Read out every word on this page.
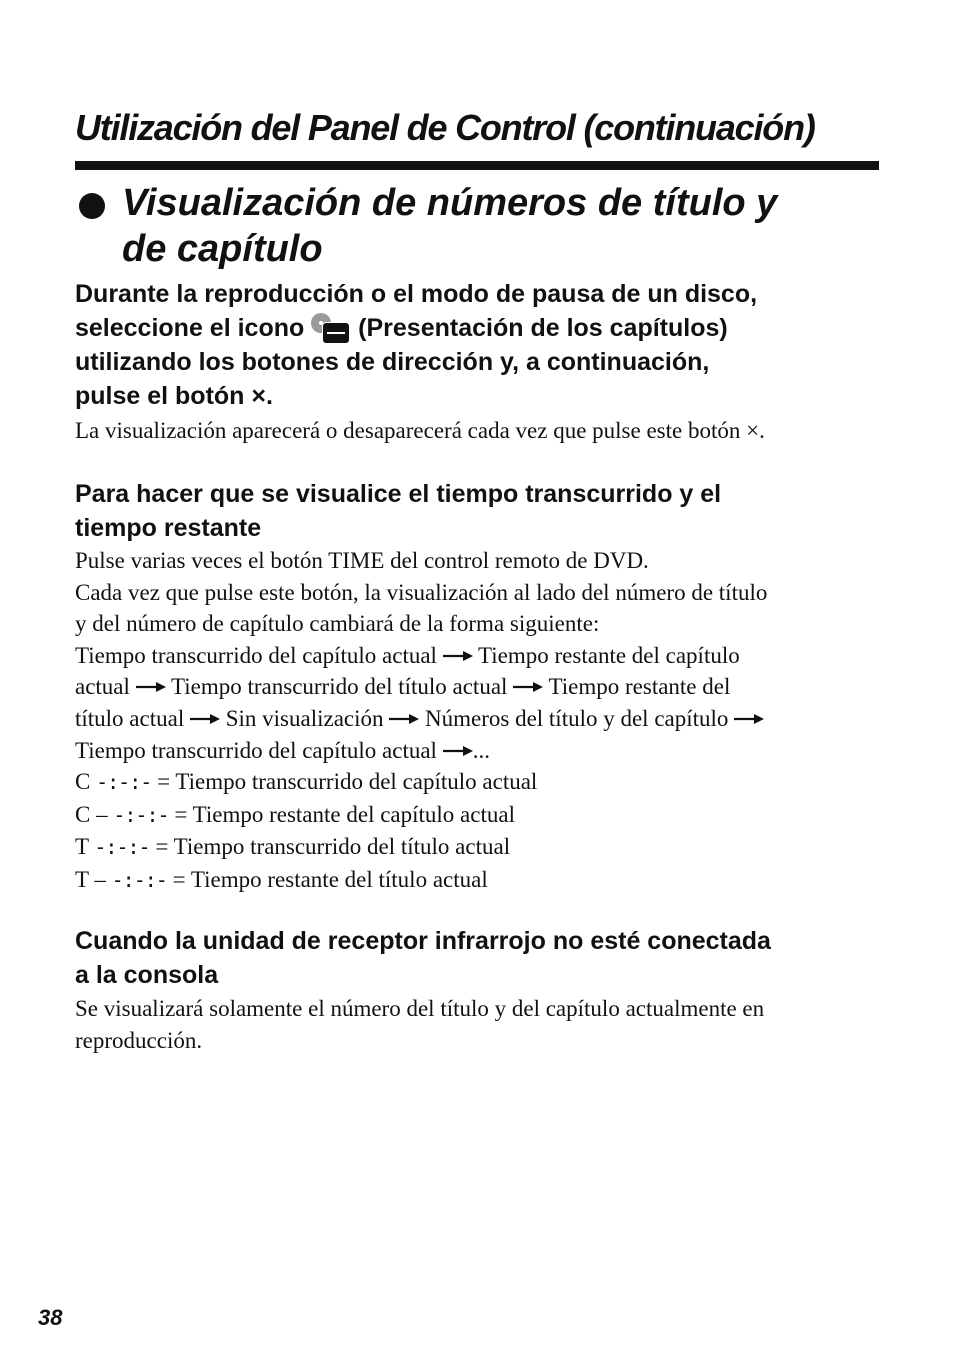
Utilización del Panel de Control (continuación)
Visualización de números de título y
de capítulo
Durante la reproducción o el modo de pausa de un disco,
seleccione el icono (Presentación de los capítulos)
utilizando los botones de dirección y, a continuación,
pulse el botón ×.
La visualización aparecerá o desaparecerá cada vez que pulse este botón ×.
Para hacer que se visualice el tiempo transcurrido y el
tiempo restante
Pulse varias veces el botón TIME del control remoto de DVD.
Cada vez que pulse este botón, la visualización al lado del número de título
y del número de capítulo cambiará de la forma siguiente:
Tiempo transcurrido del capítulo actual Tiempo restante del capítulo
actual Tiempo transcurrido del título actual Tiempo restante del
título actual Sin visualización Números del título y del capítulo
Tiempo transcurrido del capítulo actual ...
C -:-:- = Tiempo transcurrido del capítulo actual
C – -:-:- = Tiempo restante del capítulo actual
T -:-:- = Tiempo transcurrido del título actual
T – -:-:- = Tiempo restante del título actual
Cuando la unidad de receptor infrarrojo no esté conectada
a la consola
Se visualizará solamente el número del título y del capítulo actualmente en
reproducción.
38
